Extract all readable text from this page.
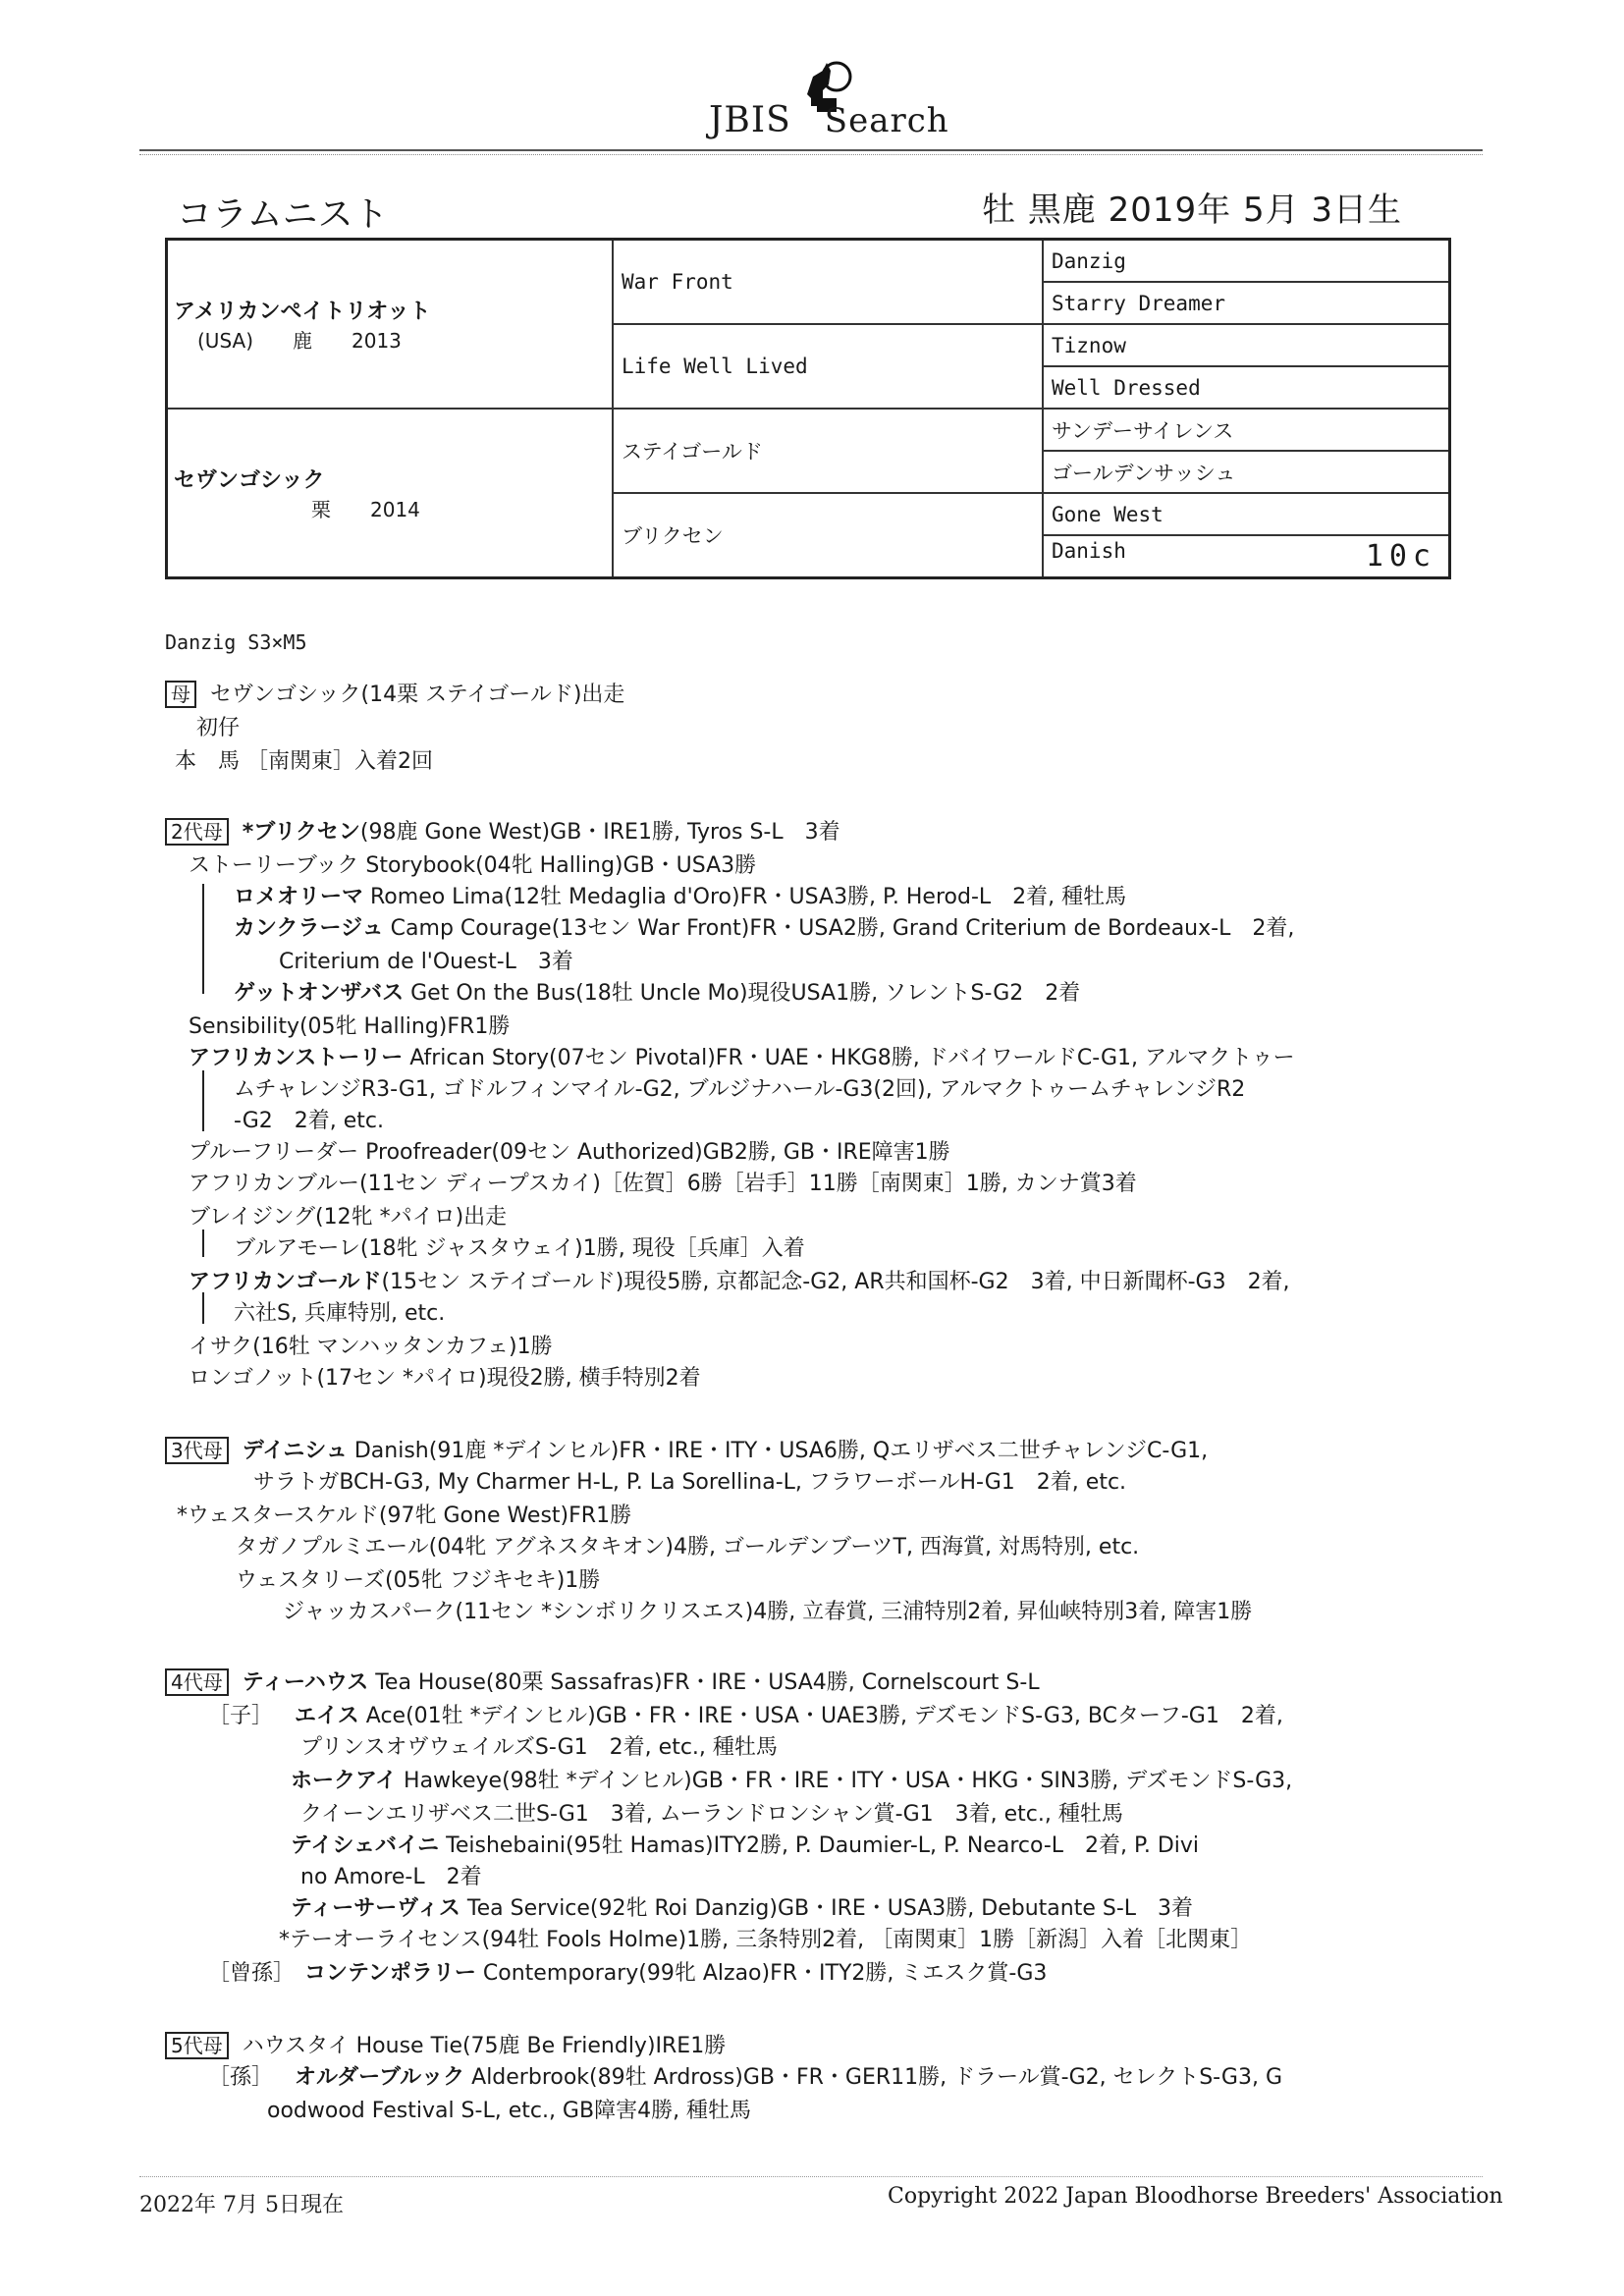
JBIS Search
コラムニスト	牡 黒鹿 2019年 5月 3日生
アメリカンペイトリオット
(USA)　　鹿　　2013	War Front	Danzig
		Starry Dreamer
	Life Well Lived	Tiznow
		Well Dressed

セヴンゴシック
栗　　2014	ステイゴールド	サンデーサイレンス
		ゴールデンサッシュ
	ブリクセン	Gone West
		Danish 10c
Danzig S3×M5
母 セヴンゴシック(14栗 ステイゴールド)出走
初仔
本　馬 ［南関東］入着2回
2代母 *ブリクセン(98鹿 Gone West)GB・IRE1勝, Tyros S-L　3着
ストーリーブック Storybook(04牝 Halling)GB・USA3勝
ロメオリーマ Romeo Lima(12牡 Medaglia d'Oro)FR・USA3勝, P. Herod-L　2着, 種牡馬
カンクラージュ Camp Courage(13セン War Front)FR・USA2勝, Grand Criterium de Bordeaux-L　2着,
Criterium de l'Ouest-L　3着
ゲットオンザバス Get On the Bus(18牡 Uncle Mo)現役USA1勝, ソレントS-G2　2着
Sensibility(05牝 Halling)FR1勝
アフリカンストーリー African Story(07セン Pivotal)FR・UAE・HKG8勝, ドバイワールドC-G1, アルマクトゥー
ムチャレンジR3-G1, ゴドルフィンマイル-G2, ブルジナハール-G3(2回), アルマクトゥームチャレンジR2
-G2　2着, etc.
プルーフリーダー Proofreader(09セン Authorized)GB2勝, GB・IRE障害1勝
アフリカンブルー(11セン ディープスカイ)［佐賀］6勝［岩手］11勝［南関東］1勝, カンナ賞3着
ブレイジング(12牝 *パイロ)出走
ブルアモーレ(18牝 ジャスタウェイ)1勝, 現役［兵庫］入着
アフリカンゴールド(15セン ステイゴールド)現役5勝, 京都記念-G2, AR共和国杯-G2　3着, 中日新聞杯-G3　2着,
六社S, 兵庫特別, etc.
イサク(16牡 マンハッタンカフェ)1勝
ロンゴノット(17セン *パイロ)現役2勝, 横手特別2着
3代母 デイニシュ Danish(91鹿 *デインヒル)FR・IRE・ITY・USA6勝, Qエリザベス二世チャレンジC-G1,
サラトガBCH-G3, My Charmer H-L, P. La Sorellina-L, フラワーボールH-G1　2着, etc.
*ウェスタースケルド(97牝 Gone West)FR1勝
タガノプルミエール(04牝 アグネスタキオン)4勝, ゴールデンブーツT, 西海賞, 対馬特別, etc.
ウェスタリーズ(05牝 フジキセキ)1勝
ジャッカスパーク(11セン *シンボリクリスエス)4勝, 立春賞, 三浦特別2着, 昇仙峡特別3着, 障害1勝
4代母 ティーハウス Tea House(80栗 Sassafras)FR・IRE・USA4勝, Cornelscourt S-L
［子］ エイス Ace(01牡 *デインヒル)GB・FR・IRE・USA・UAE3勝, デズモンドS-G3, BCターフ-G1　2着,
プリンスオヴウェイルズS-G1　2着, etc., 種牡馬
ホークアイ Hawkeye(98牡 *デインヒル)GB・FR・IRE・ITY・USA・HKG・SIN3勝, デズモンドS-G3,
クイーンエリザベス二世S-G1　3着, ムーランドロンシャン賞-G1　3着, etc., 種牡馬
テイシェバイニ Teishebaini(95牡 Hamas)ITY2勝, P. Daumier-L, P. Nearco-L　2着, P. Divi
no Amore-L　2着
ティーサーヴィス Tea Service(92牝 Roi Danzig)GB・IRE・USA3勝, Debutante S-L　3着
*テーオーライセンス(94牡 Fools Holme)1勝, 三条特別2着, ［南関東］1勝［新潟］入着［北関東］
［曾孫］ コンテンポラリー Contemporary(99牝 Alzao)FR・ITY2勝, ミエスク賞-G3
5代母 ハウスタイ House Tie(75鹿 Be Friendly)IRE1勝
［孫］ オルダーブルック Alderbrook(89牡 Ardross)GB・FR・GER11勝, ドラール賞-G2, セレクトS-G3, G
oodwood Festival S-L, etc., GB障害4勝, 種牡馬
2022年 7月 5日現在	Copyright 2022 Japan Bloodhorse Breeders' Association
